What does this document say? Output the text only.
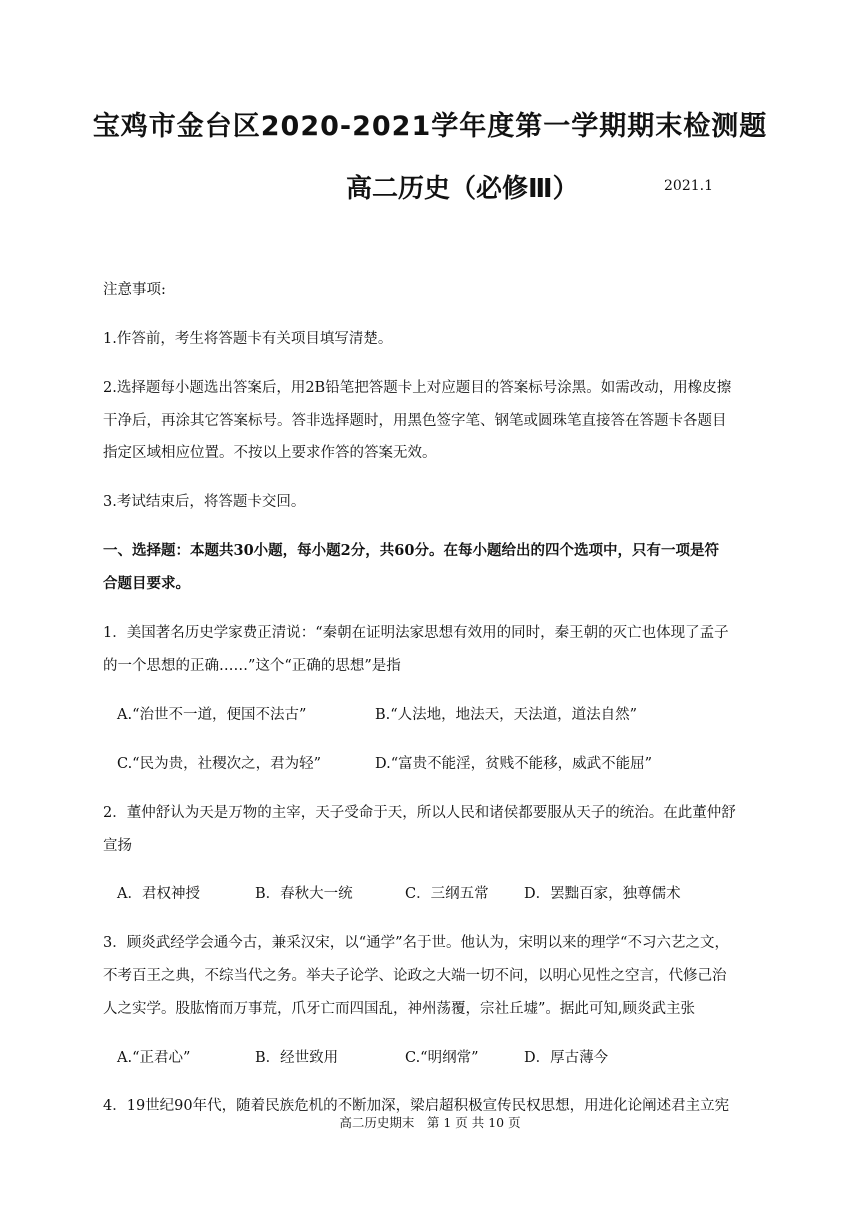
宝鸡市金台区2020-2021学年度第一学期期末检测题
高二历史（必修Ⅲ）	2021.1
注意事项:
1.作答前，考生将答题卡有关项目填写清楚。
2.选择题每小题选出答案后，用2B铅笔把答题卡上对应题目的答案标号涂黑。如需改动，用橡皮擦
干净后，再涂其它答案标号。答非选择题时，用黑色签字笔、钢笔或圆珠笔直接答在答题卡各题目
指定区域相应位置。不按以上要求作答的答案无效。
3.考试结束后，将答题卡交回。
一、选择题：本题共30小题，每小题2分，共60分。在每小题给出的四个选项中，只有一项是符
合题目要求。
1．美国著名历史学家费正清说：“秦朝在证明法家思想有效用的同时，秦王朝的灭亡也体现了孟子
的一个思想的正确……”这个“正确的思想”是指
A.“治世不一道，便国不法古”	B.“人法地，地法天，天法道，道法自然”
C.“民为贵，社稷次之，君为轻”	D.“富贵不能淫，贫贱不能移，威武不能屈”
2．董仲舒认为天是万物的主宰，天子受命于天，所以人民和诸侯都要服从天子的统治。在此董仲舒
宣扬
A．君权神授	B．春秋大一统	C．三纲五常 D．罢黜百家，独尊儒术
3．顾炎武经学会通今古，兼采汉宋，以“通学”名于世。他认为，宋明以来的理学“不习六艺之文，
不考百王之典，不综当代之务。举夫子论学、论政之大端一切不问，以明心见性之空言，代修己治
人之实学。股肱惰而万事荒，爪牙亡而四国乱，神州荡覆，宗社丘墟”。据此可知,顾炎武主张
A.“正君心”	B．经世致用	C.“明纲常”	D．厚古薄今
4．19世纪90年代，随着民族危机的不断加深，梁启超积极宣传民权思想，用进化论阐述君主立宪
高二历史期末　第 1 页 共 10 页
